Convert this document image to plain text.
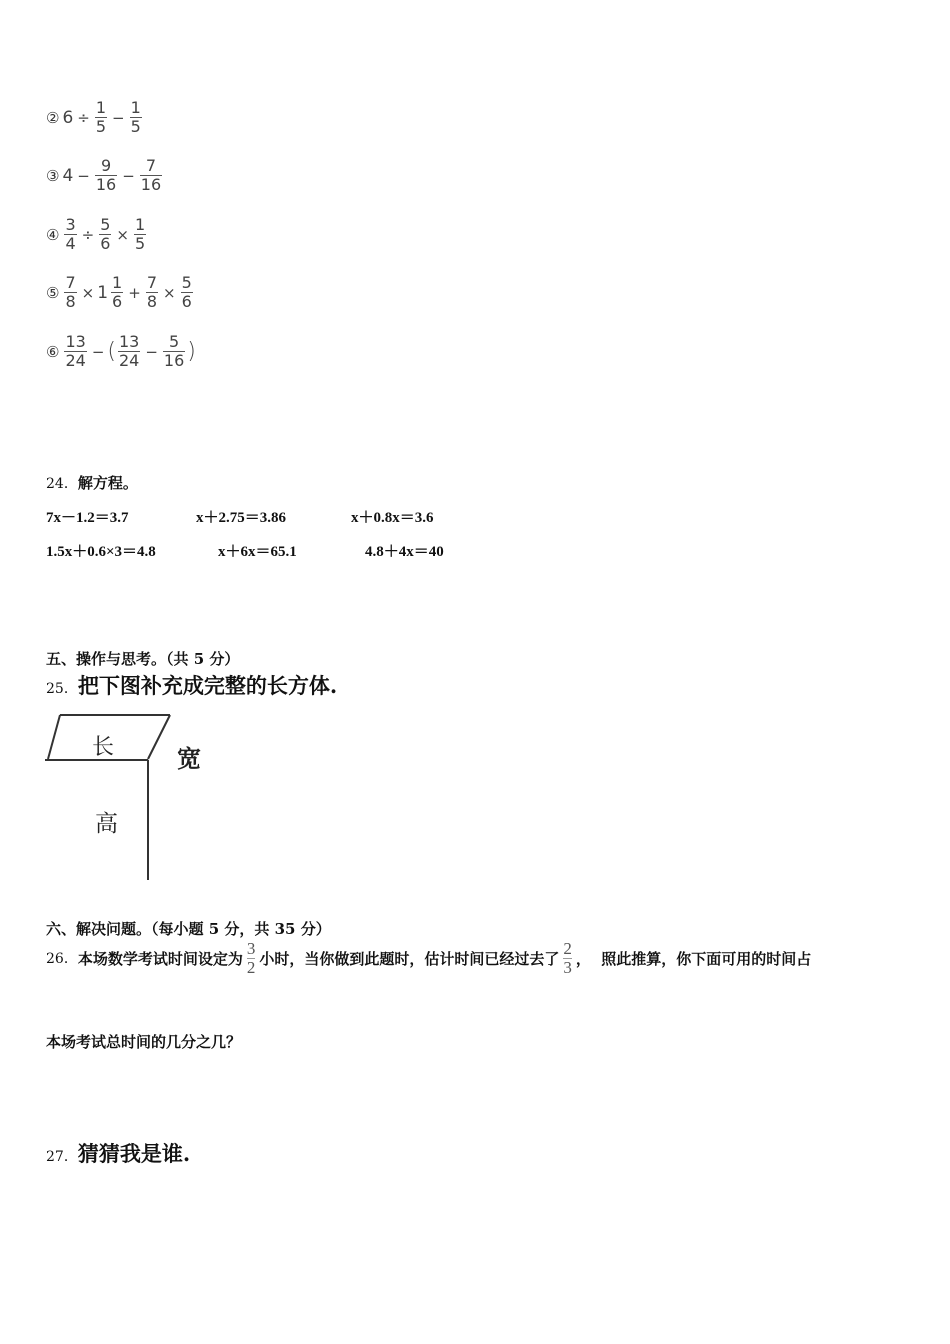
② $6 \div \frac{1}{5} - \frac{1}{5}$
③ $4 - \frac{9}{16} - \frac{7}{16}$
④ $\frac{3}{4} \div \frac{5}{6} \times \frac{1}{5}$
⑤ $\frac{7}{8} \times 1 \frac{1}{6} + \frac{7}{8} \times \frac{5}{6}$
⑥ $\frac{13}{24}$ − ( $\frac{13}{24} - \frac{5}{16}$ )
24．解方程。
7x－1.2＝3.7	x＋2.75＝3.86	x＋0.8x＝3.6
1.5x＋0.6×3＝4.8	x＋6x＝65.1	4.8＋4x＝40
五、操作与思考。（共 5 分）
25．把下图补充成完整的长方体.
长	宽
高
六、解决问题。（每小题 5 分，共 35 分）
26． 本场数学考试时间设定为 $\frac{3}{2}$ 小时，当你做到此题时，估计时间已经过去了 $\frac{2}{3}$ ，  照此推算，你下面可用的时间占
本场考试总时间的几分之几？
27．猜猜我是谁.
